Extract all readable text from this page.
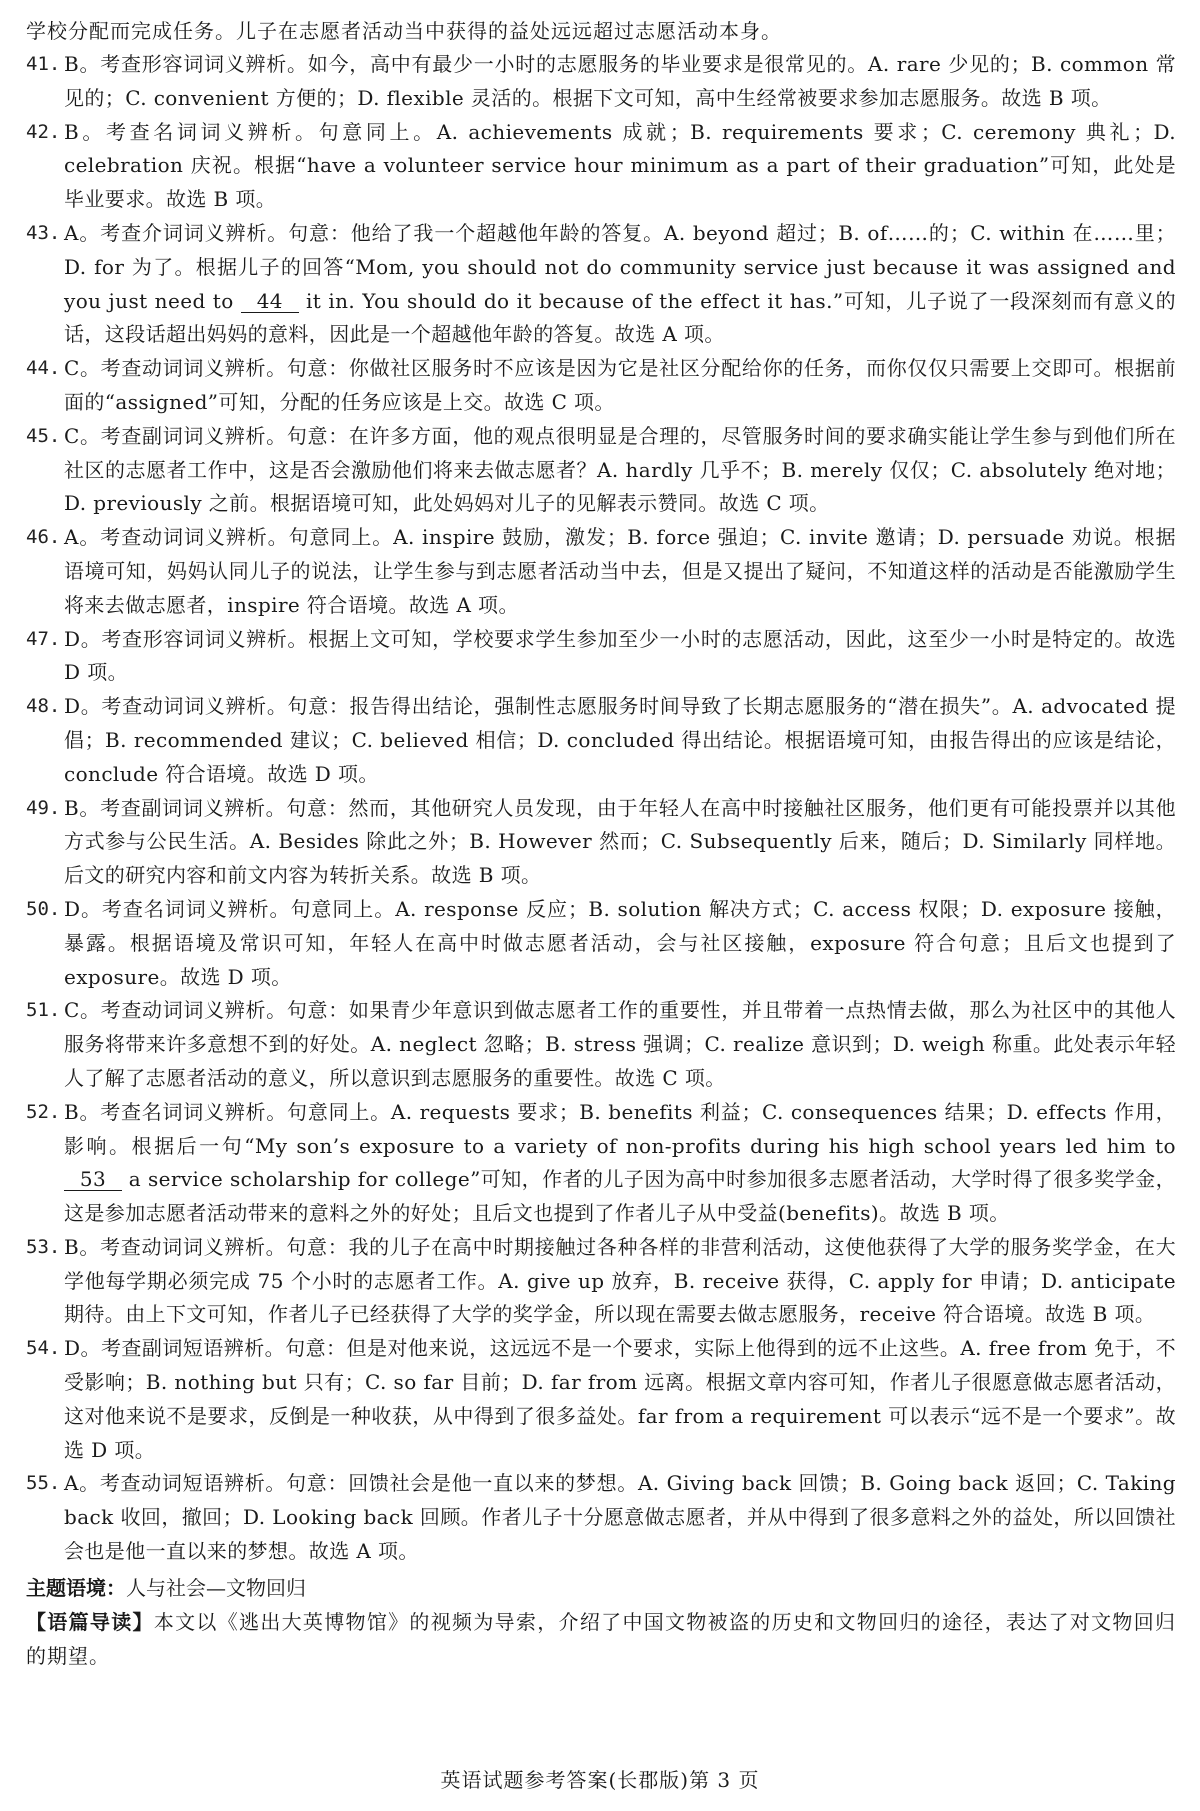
学校分配而完成任务。儿子在志愿者活动当中获得的益处远远超过志愿活动本身。
41. B。考查形容词词义辨析。如今，高中有最少一小时的志愿服务的毕业要求是很常见的。A. rare 少见的；B. common 常见的；C. convenient 方便的；D. flexible 灵活的。根据下文可知，高中生经常被要求参加志愿服务。故选 B 项。
42. B。考查名词词义辨析。句意同上。A. achievements 成就；B. requirements 要求；C. ceremony 典礼；D. celebration 庆祝。根据“have a volunteer service hour minimum as a part of their graduation”可知，此处是毕业要求。故选 B 项。
43. A。考查介词词义辨析。句意：他给了我一个超越他年龄的答复。A. beyond 超过；B. of……的；C. within 在……里；D. for 为了。根据儿子的回答“Mom, you should not do community service just because it was assigned and you just need to 44 it in. You should do it because of the effect it has.”可知，儿子说了一段深刻而有意义的话，这段话超出妈妈的意料，因此是一个超越他年龄的答复。故选 A 项。
44. C。考查动词词义辨析。句意：你做社区服务时不应该是因为它是社区分配给你的任务，而你仅仅只需要上交即可。根据前面的“assigned”可知，分配的任务应该是上交。故选 C 项。
45. C。考查副词词义辨析。句意：在许多方面，他的观点很明显是合理的，尽管服务时间的要求确实能让学生参与到他们所在社区的志愿者工作中，这是否会激励他们将来去做志愿者？A. hardly 几乎不；B. merely 仅仅；C. absolutely 绝对地；D. previously 之前。根据语境可知，此处妈妈对儿子的见解表示赞同。故选 C 项。
46. A。考查动词词义辨析。句意同上。A. inspire 鼓励，激发；B. force 强迫；C. invite 邀请；D. persuade 劝说。根据语境可知，妈妈认同儿子的说法，让学生参与到志愿者活动当中去，但是又提出了疑问，不知道这样的活动是否能激励学生将来去做志愿者，inspire 符合语境。故选 A 项。
47. D。考查形容词词义辨析。根据上文可知，学校要求学生参加至少一小时的志愿活动，因此，这至少一小时是特定的。故选 D 项。
48. D。考查动词词义辨析。句意：报告得出结论，强制性志愿服务时间导致了长期志愿服务的“潜在损失”。A. advocated 提倡；B. recommended 建议；C. believed 相信；D. concluded 得出结论。根据语境可知，由报告得出的应该是结论，conclude 符合语境。故选 D 项。
49. B。考查副词词义辨析。句意：然而，其他研究人员发现，由于年轻人在高中时接触社区服务，他们更有可能投票并以其他方式参与公民生活。A. Besides 除此之外；B. However 然而；C. Subsequently 后来，随后；D. Similarly 同样地。后文的研究内容和前文内容为转折关系。故选 B 项。
50. D。考查名词词义辨析。句意同上。A. response 反应；B. solution 解决方式；C. access 权限；D. exposure 接触，暴露。根据语境及常识可知，年轻人在高中时做志愿者活动，会与社区接触，exposure 符合句意；且后文也提到了 exposure。故选 D 项。
51. C。考查动词词义辨析。句意：如果青少年意识到做志愿者工作的重要性，并且带着一点热情去做，那么为社区中的其他人服务将带来许多意想不到的好处。A. neglect 忽略；B. stress 强调；C. realize 意识到；D. weigh 称重。此处表示年轻人了解了志愿者活动的意义，所以意识到志愿服务的重要性。故选 C 项。
52. B。考查名词词义辨析。句意同上。A. requests 要求；B. benefits 利益；C. consequences 结果；D. effects 作用，影响。根据后一句“My son’s exposure to a variety of non-profits during his high school years led him to 53 a service scholarship for college”可知，作者的儿子因为高中时参加很多志愿者活动，大学时得了很多奖学金，这是参加志愿者活动带来的意料之外的好处；且后文也提到了作者儿子从中受益(benefits)。故选 B 项。
53. B。考查动词词义辨析。句意：我的儿子在高中时期接触过各种各样的非营利活动，这使他获得了大学的服务奖学金，在大学他每学期必须完成 75 个小时的志愿者工作。A. give up 放弃，B. receive 获得，C. apply for 申请；D. anticipate 期待。由上下文可知，作者儿子已经获得了大学的奖学金，所以现在需要去做志愿服务，receive 符合语境。故选 B 项。
54. D。考查副词短语辨析。句意：但是对他来说，这远远不是一个要求，实际上他得到的远不止这些。A. free from 免于，不受影响；B. nothing but 只有；C. so far 目前；D. far from 远离。根据文章内容可知，作者儿子很愿意做志愿者活动，这对他来说不是要求，反倒是一种收获，从中得到了很多益处。far from a requirement 可以表示“远不是一个要求”。故选 D 项。
55. A。考查动词短语辨析。句意：回馈社会是他一直以来的梦想。A. Giving back 回馈；B. Going back 返回；C. Taking back 收回，撤回；D. Looking back 回顾。作者儿子十分愿意做志愿者，并从中得到了很多意料之外的益处，所以回馈社会也是他一直以来的梦想。故选 A 项。
主题语境：人与社会—文物回归
【语篇导读】本文以《逃出大英博物馆》的视频为导索，介绍了中国文物被盗的历史和文物回归的途径，表达了对文物回归的期望。
英语试题参考答案(长郡版)第 3 页
